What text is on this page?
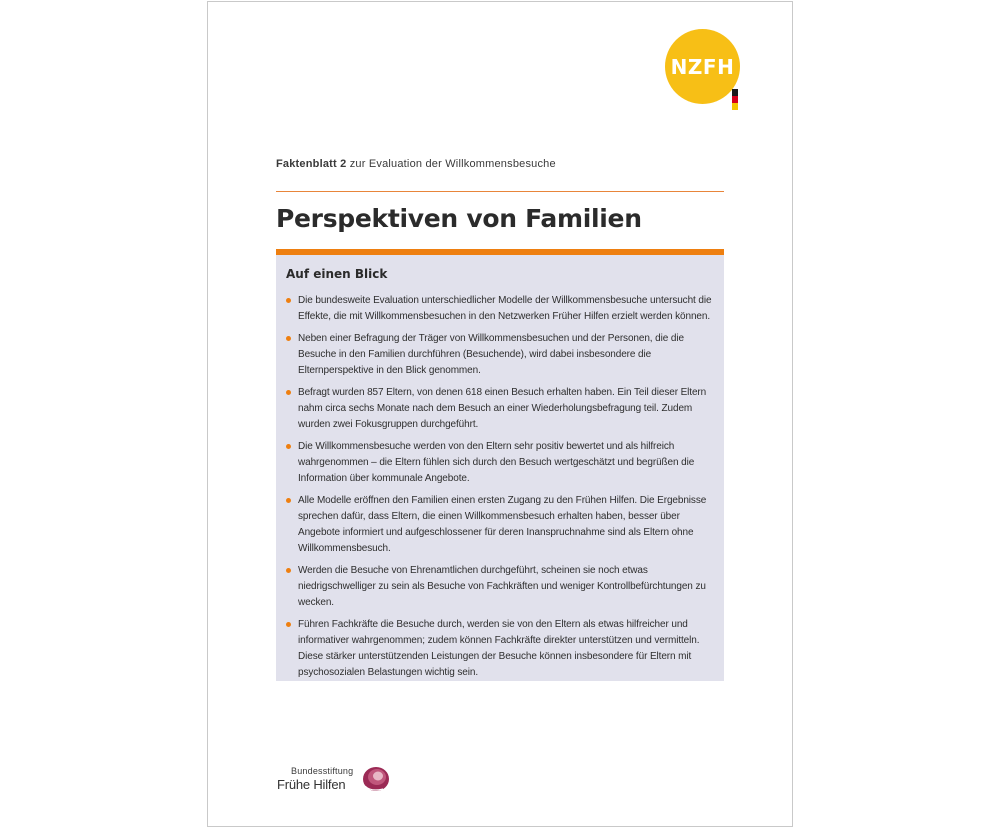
NZFH
Faktenblatt 2 zur Evaluation der Willkommensbesuche
Perspektiven von Familien
Auf einen Blick
Die bundesweite Evaluation unterschiedlicher Modelle der Willkommensbesuche untersucht die Effekte, die mit Willkommensbesuchen in den Netzwerken Früher Hilfen erzielt werden können.
Neben einer Befragung der Träger von Willkommensbesuchen und der Personen, die die Besuche in den Familien durchführen (Besuchende), wird dabei insbesondere die Elternperspektive in den Blick genommen.
Befragt wurden 857 Eltern, von denen 618 einen Besuch erhalten haben. Ein Teil dieser Eltern nahm circa sechs Monate nach dem Besuch an einer Wiederholungsbefragung teil. Zudem wurden zwei Fokusgruppen durchgeführt.
Die Willkommensbesuche werden von den Eltern sehr positiv bewertet und als hilfreich wahrgenommen – die Eltern fühlen sich durch den Besuch wertgeschätzt und begrüßen die Information über kommunale Angebote.
Alle Modelle eröffnen den Familien einen ersten Zugang zu den Frühen Hilfen. Die Ergebnisse sprechen dafür, dass Eltern, die einen Willkommensbesuch erhalten haben, besser über Angebote informiert und aufgeschlossener für deren Inanspruchnahme sind als Eltern ohne Willkommensbesuch.
Werden die Besuche von Ehrenamtlichen durchgeführt, scheinen sie noch etwas niedrigschwelliger zu sein als Besuche von Fachkräften und weniger Kontrollbefürchtungen zu wecken.
Führen Fachkräfte die Besuche durch, werden sie von den Eltern als etwas hilfreicher und informativer wahrgenommen; zudem können Fachkräfte direkter unterstützen und vermitteln. Diese stärker unterstützenden Leistungen der Besuche können insbesondere für Eltern mit psychosozialen Belastungen wichtig sein.
Bundesstiftung
Frühe Hilfen
